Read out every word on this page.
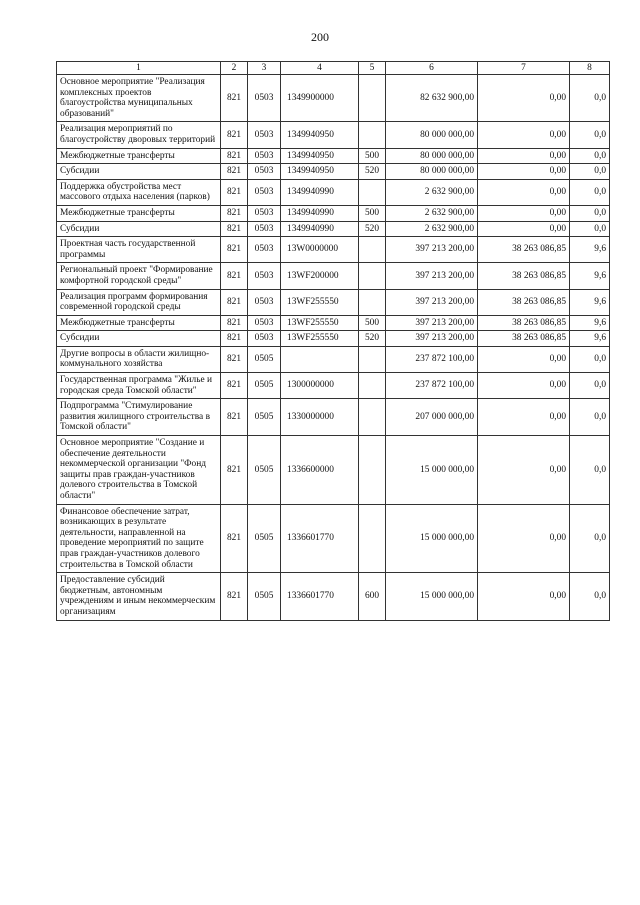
200
1	2	3	4	5	6	7	8
Основное мероприятие "Реализация комплексных проектов благоустройства муниципальных образований"	821	0503	1349900000		82 632 900,00	0,00	0,0
Реализация мероприятий по благоустройству дворовых территорий	821	0503	1349940950		80 000 000,00	0,00	0,0
Межбюджетные трансферты	821	0503	1349940950	500	80 000 000,00	0,00	0,0
Субсидии	821	0503	1349940950	520	80 000 000,00	0,00	0,0
Поддержка обустройства мест массового отдыха населения (парков)	821	0503	1349940990		2 632 900,00	0,00	0,0
Межбюджетные трансферты	821	0503	1349940990	500	2 632 900,00	0,00	0,0
Субсидии	821	0503	1349940990	520	2 632 900,00	0,00	0,0
Проектная часть государственной программы	821	0503	13W0000000		397 213 200,00	38 263 086,85	9,6
Региональный проект "Формирование комфортной городской среды"	821	0503	13WF200000		397 213 200,00	38 263 086,85	9,6
Реализация программ формирования современной городской среды	821	0503	13WF255550		397 213 200,00	38 263 086,85	9,6
Межбюджетные трансферты	821	0503	13WF255550	500	397 213 200,00	38 263 086,85	9,6
Субсидии	821	0503	13WF255550	520	397 213 200,00	38 263 086,85	9,6
Другие вопросы в области жилищно-коммунального хозяйства	821	0505			237 872 100,00	0,00	0,0
Государственная программа "Жилье и городская среда Томской области"	821	0505	1300000000		237 872 100,00	0,00	0,0
Подпрограмма "Стимулирование развития жилищного строительства в Томской области"	821	0505	1330000000		207 000 000,00	0,00	0,0
Основное мероприятие "Создание и обеспечение деятельности некоммерческой организации "Фонд защиты прав граждан-участников долевого строительства в Томской области"	821	0505	1336600000		15 000 000,00	0,00	0,0
Финансовое обеспечение затрат, возникающих в результате деятельности, направленной на проведение мероприятий по защите прав граждан-участников долевого строительства в Томской области	821	0505	1336601770		15 000 000,00	0,00	0,0
Предоставление субсидий бюджетным, автономным учреждениям и иным некоммерческим организациям	821	0505	1336601770	600	15 000 000,00	0,00	0,0
